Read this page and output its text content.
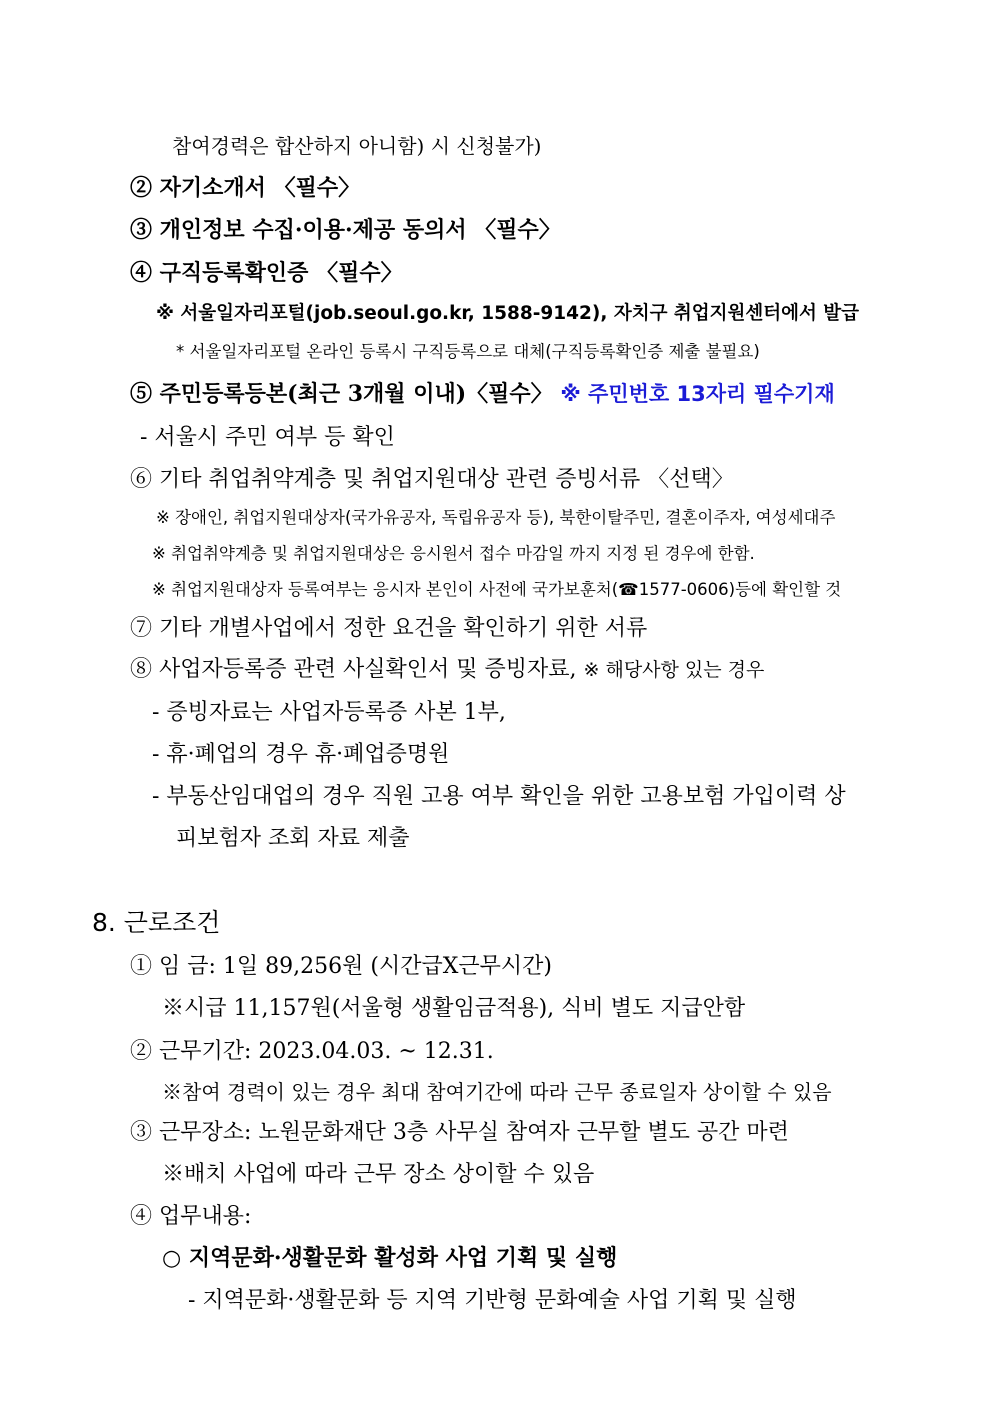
참여경력은 합산하지 아니함) 시 신청불가)
② 자기소개서 〈필수〉
③ 개인정보 수집·이용·제공 동의서 〈필수〉
④ 구직등록확인증 〈필수〉
※ 서울일자리포털(job.seoul.go.kr, 1588-9142), 자치구 취업지원센터에서 발급
* 서울일자리포털 온라인 등록시 구직등록으로 대체(구직등록확인증 제출 불필요)
⑤ 주민등록등본(최근 3개월 이내)〈필수〉 ※ 주민번호 13자리 필수기재
- 서울시 주민 여부 등 확인
⑥ 기타 취업취약계층 및 취업지원대상 관련 증빙서류 〈선택〉
※ 장애인, 취업지원대상자(국가유공자, 독립유공자 등), 북한이탈주민, 결혼이주자, 여성세대주
※ 취업취약계층 및 취업지원대상은 응시원서 접수 마감일 까지 지정 된 경우에 한함.
※ 취업지원대상자 등록여부는 응시자 본인이 사전에 국가보훈처(☎1577-0606)등에 확인할 것
⑦ 기타 개별사업에서 정한 요건을 확인하기 위한 서류
⑧ 사업자등록증 관련 사실확인서 및 증빙자료, ※ 해당사항 있는 경우
- 증빙자료는 사업자등록증 사본 1부,
- 휴·폐업의 경우 휴·폐업증명원
- 부동산임대업의 경우 직원 고용 여부 확인을 위한 고용보험 가입이력 상
피보험자 조회 자료 제출
8. 근로조건
① 임 금: 1일 89,256원 (시간급X근무시간)
※시급 11,157원(서울형 생활임금적용), 식비 별도 지급안함
② 근무기간: 2023.04.03. ~ 12.31.
※참여 경력이 있는 경우 최대 참여기간에 따라 근무 종료일자 상이할 수 있음
③ 근무장소: 노원문화재단 3층 사무실 참여자 근무할 별도 공간 마련
※배치 사업에 따라 근무 장소 상이할 수 있음
④ 업무내용:
○ 지역문화·생활문화 활성화 사업 기획 및 실행
- 지역문화·생활문화 등 지역 기반형 문화예술 사업 기획 및 실행
